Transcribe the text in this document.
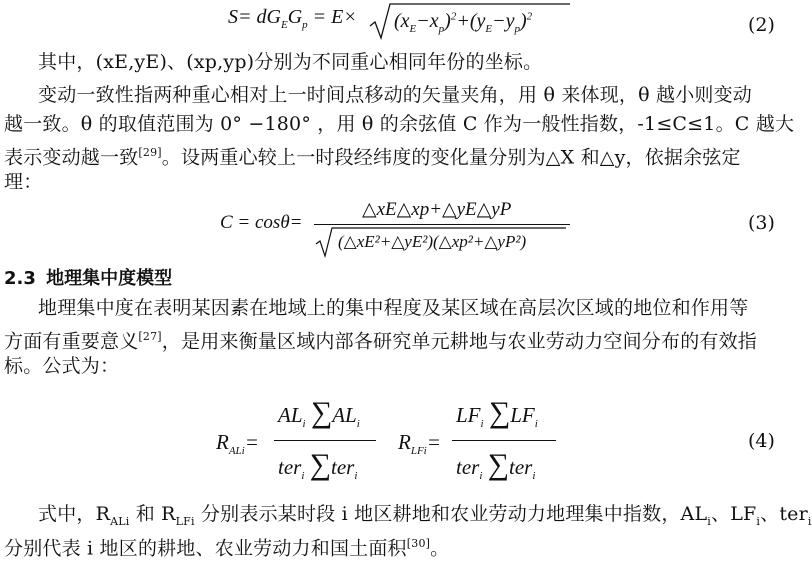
$S= dG_EG_p = E\times (x_E-x_p)^2+(y_E-y_p)^2$	(2)
其中，(xE,yE)、(xp,yp)分别为不同重心相同年份的坐标。
变动一致性指两种重心相对上一时间点移动的矢量夹角，用 θ 来体现，θ 越小则变动
越一致。θ 的取值范围为 0° −180° ，用 θ 的余弦值 C 作为一般性指数，-1≤C≤1。C 越大
表示变动越一致[29]。设两重心较上一时段经纬度的变化量分别为△X 和△y，依据余弦定
理：
C = cosθ=
△xE△xp+△yE△yP
(△xE²+△yE²)(△xp²+△yP²)
(3)
2.3 地理集中度模型
地理集中度在表明某因素在地域上的集中程度及某区域在高层次区域的地位和作用等
方面有重要意义[27]，是用来衡量区域内部各研究单元耕地与农业劳动力空间分布的有效指
标。公式为：
$R_{ALi}=$
$AL_i$ $\sum AL_i$
ter$_i$ ∑ter$_i$
$R_{LFi}=$
$LF_i$ $\sum LF_i$
ter$_i$ ∑ter$_i$
(4)
式中，$R_{ALi}$ 和 $R_{LFi}$ 分别表示某时段 i 地区耕地和农业劳动力地理集中指数，$AL_i$、$LF_i$、ter$_i$
分别代表 i 地区的耕地、农业劳动力和国土面积[30]。
